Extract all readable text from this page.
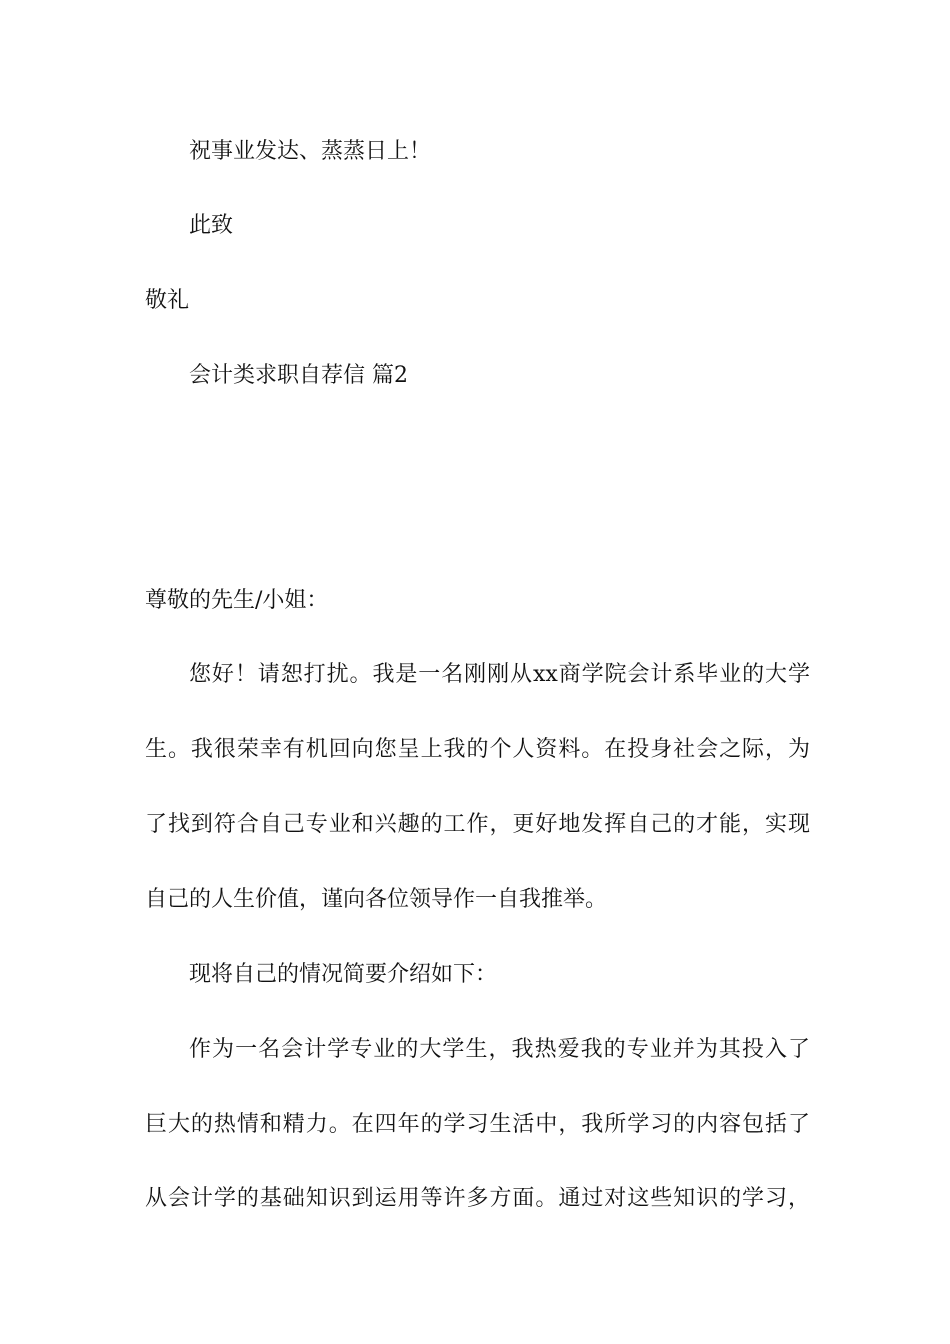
祝事业发达、蒸蒸日上！
此致
敬礼
会计类求职自荐信 篇2
尊敬的先生/小姐：
您好！请恕打扰。我是一名刚刚从xx商学院会计系毕业的大学
生。我很荣幸有机回向您呈上我的个人资料。在投身社会之际，为
了找到符合自己专业和兴趣的工作，更好地发挥自己的才能，实现
自己的人生价值，谨向各位领导作一自我推举。
现将自己的情况简要介绍如下：
作为一名会计学专业的大学生，我热爱我的专业并为其投入了
巨大的热情和精力。在四年的学习生活中，我所学习的内容包括了
从会计学的基础知识到运用等许多方面。通过对这些知识的学习，
